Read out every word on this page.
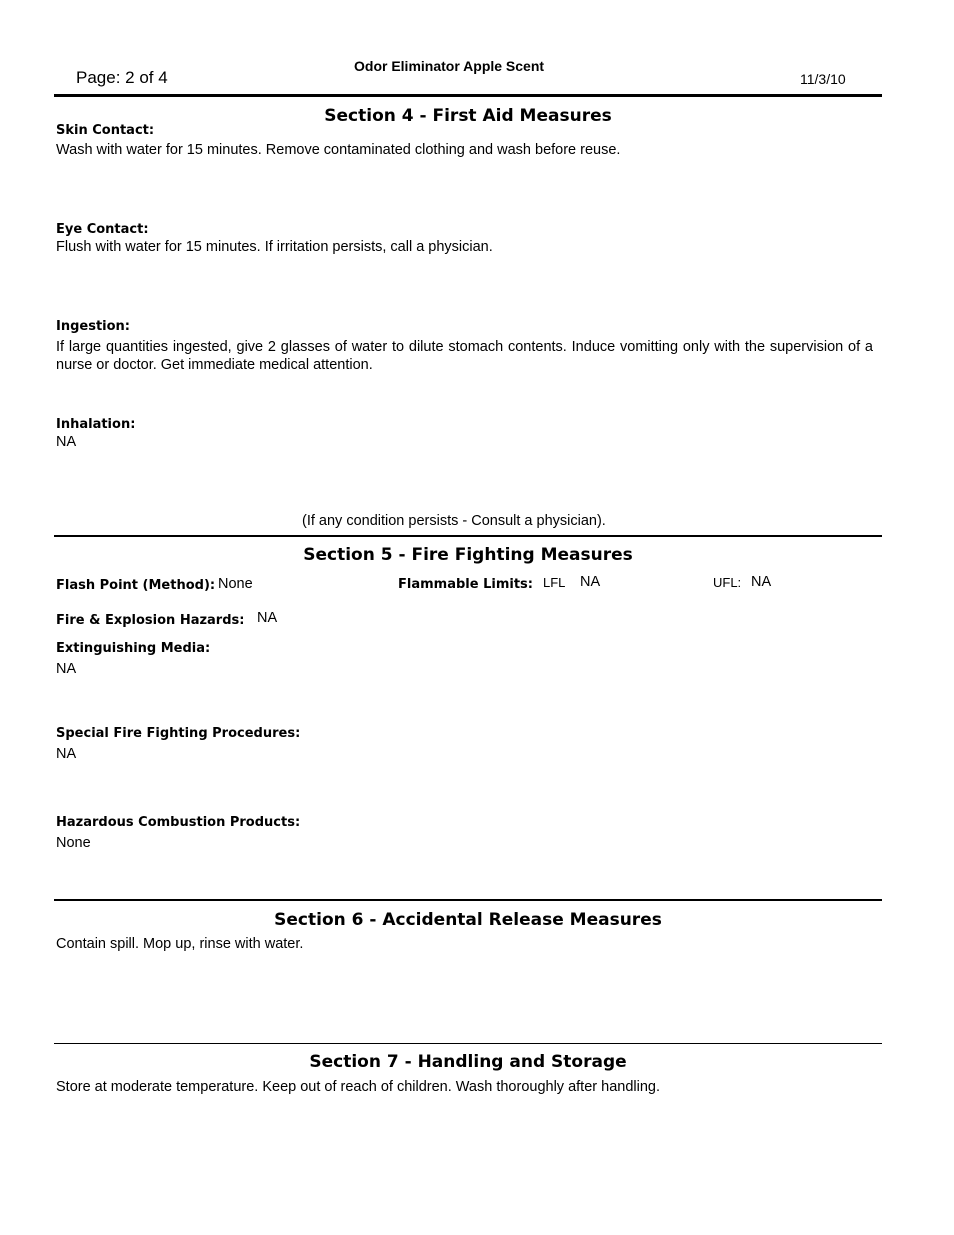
Page: 2 of 4
Odor Eliminator Apple Scent
11/3/10
Section 4 - First Aid Measures
Skin Contact:
Wash with water for 15 minutes. Remove contaminated clothing and wash before reuse.
Eye Contact:
Flush with water for 15 minutes. If irritation persists, call a physician.
Ingestion:
If large quantities ingested, give 2 glasses of water to dilute stomach contents. Induce vomitting only with the supervision of a nurse or doctor. Get immediate medical attention.
Inhalation:
NA
(If any condition persists - Consult a physician).
Section 5 - Fire Fighting Measures
Flash Point (Method): None	Flammable Limits: LFL NA	UFL: NA
Fire & Explosion Hazards: NA
Extinguishing Media:
NA
Special Fire Fighting Procedures:
NA
Hazardous Combustion Products:
None
Section 6 - Accidental Release Measures
Contain spill. Mop up, rinse with water.
Section 7 - Handling and Storage
Store at moderate temperature. Keep out of reach of children. Wash thoroughly after handling.
